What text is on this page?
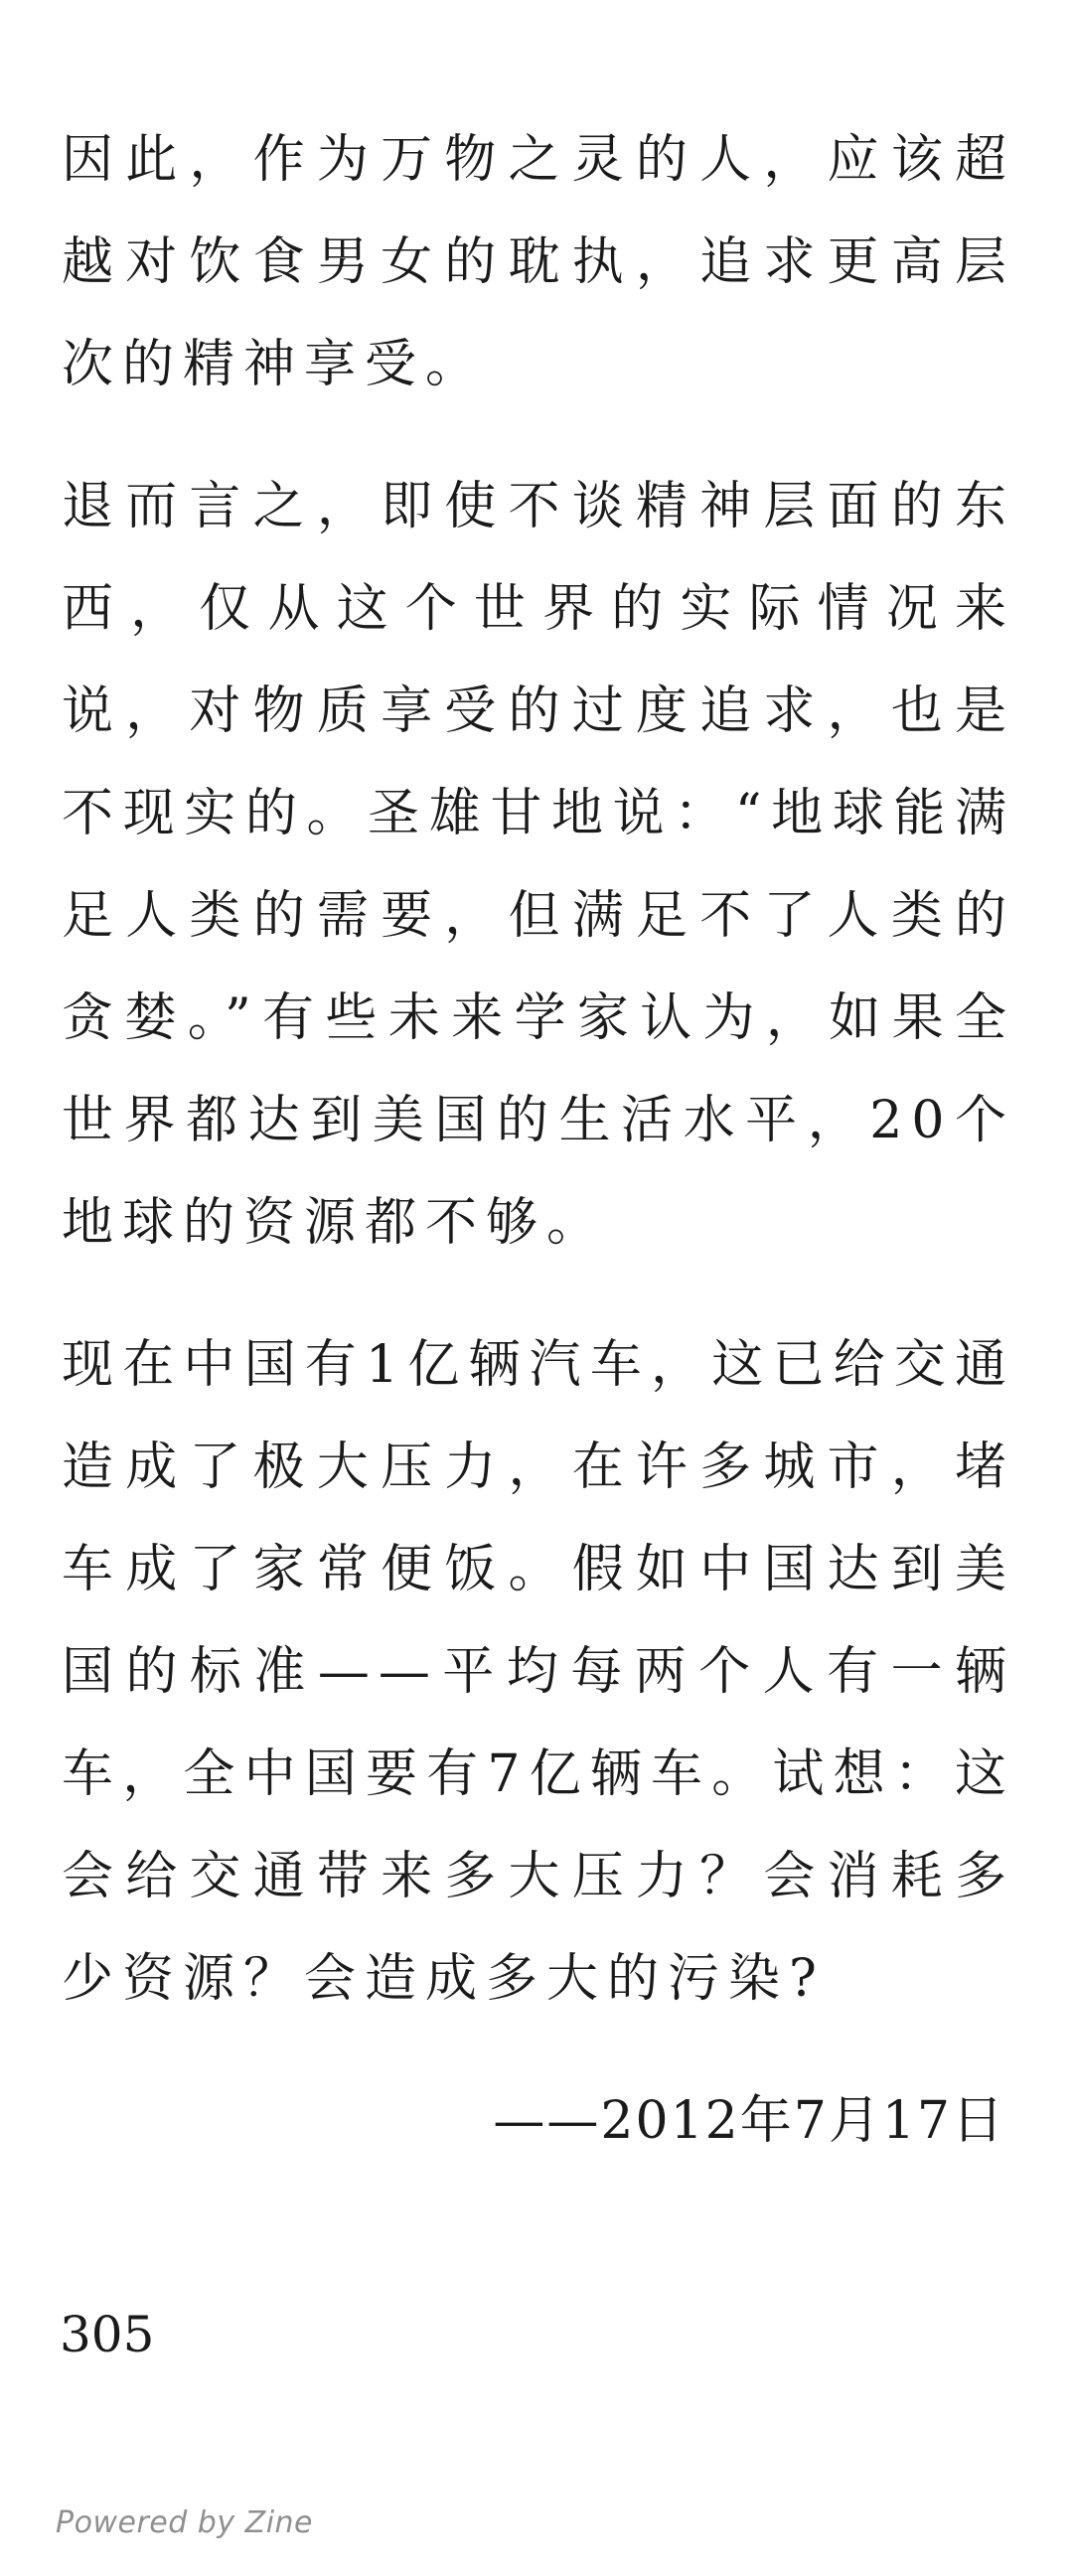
因此，作为万物之灵的人，应该超越对饮食男女的耽执，追求更高层次的精神享受。

退而言之，即使不谈精神层面的东西，仅从这个世界的实际情况来说，对物质享受的过度追求，也是不现实的。圣雄甘地说：“地球能满足人类的需要，但满足不了人类的贪婪。”有些未来学家认为，如果全世界都达到美国的生活水平，20个地球的资源都不够。

现在中国有1亿辆汽车，这已给交通造成了极大压力，在许多城市，堵车成了家常便饭。假如中国达到美国的标准——平均每两个人有一辆车，全中国要有7亿辆车。试想：这会给交通带来多大压力？会消耗多少资源？会造成多大的污染?

——2012年7月17日
305
Powered by Zine
